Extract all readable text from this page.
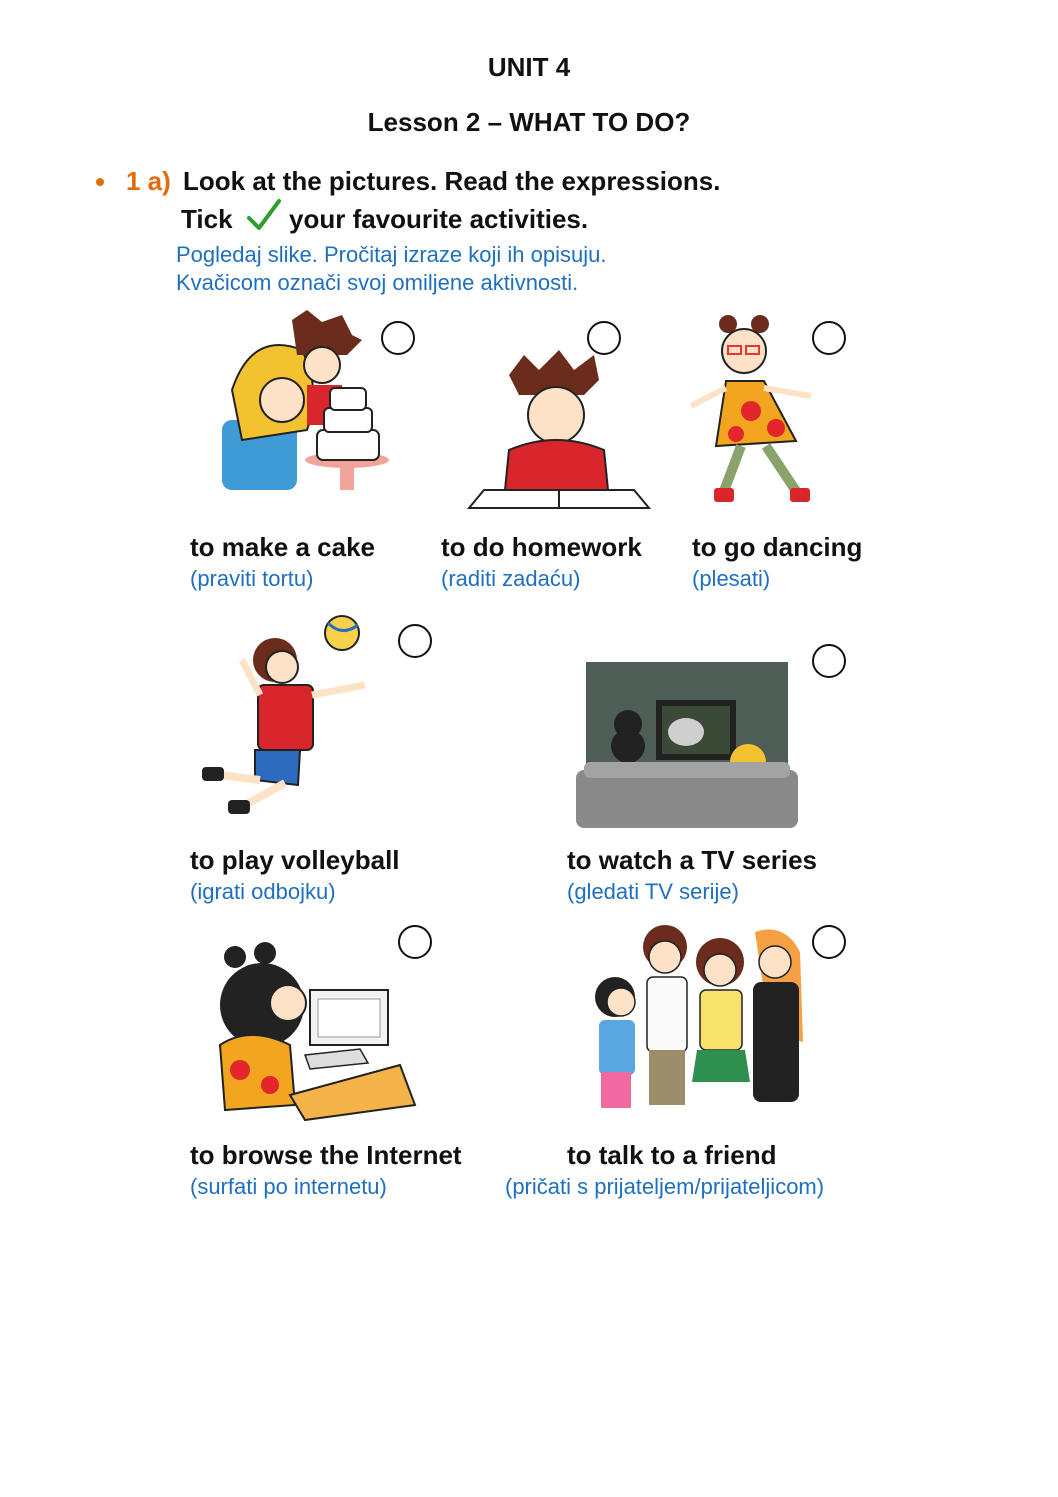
UNIT 4
Lesson 2 – WHAT TO DO?
1 a) Look at the pictures. Read the expressions.
Tick your favourite activities.
Pogledaj slike. Pročitaj izraze koji ih opisuju.
Kvačicom označi svoj omiljene aktivnosti.
to make a cake
(praviti tortu)
to do homework
(raditi zadaću)
to go dancing
(plesati)
to play volleyball
(igrati odbojku)
to watch a TV series
(gledati TV serije)
to browse the Internet
(surfati po internetu)
to talk to a friend
(pričati s prijateljem/prijateljicom)
